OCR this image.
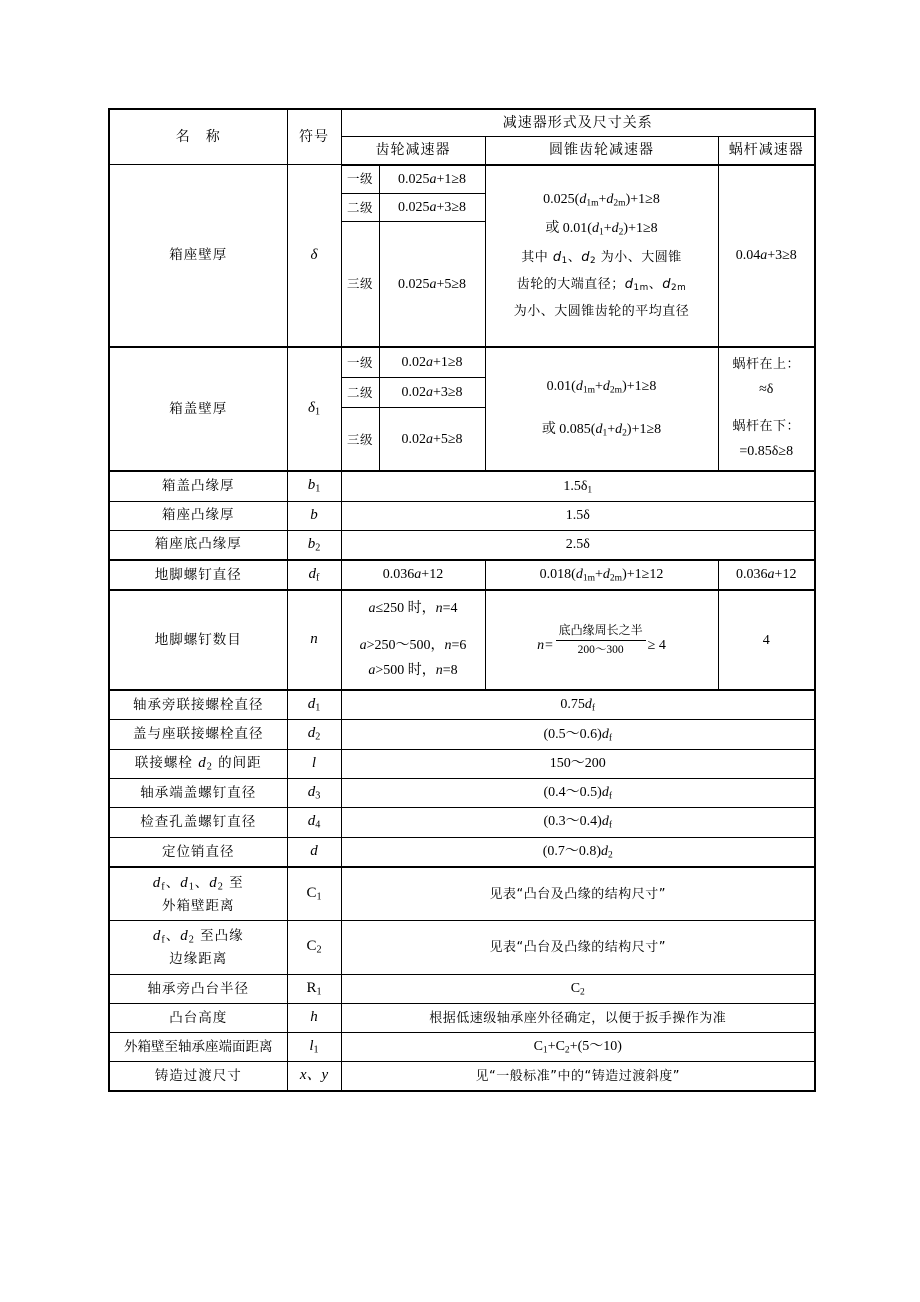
名　称	符号	减速器形式及尺寸关系			
		齿轮减速器		圆锥齿轮减速器	蜗杆减速器
箱座壁厚	δ	一级	0.025a+1≥8	$0.025(d_{1m}+d_{2m})+1\ge 8$
或 $0.01(d_1+d_2)+1\ge 8$
其中 $d_1$、$d_2$ 为小、大圆锥
齿轮的大端直径；$d_{1m}$、$d_{2m}$
为小、大圆锥齿轮的平均直径	0.04a+3≥8
		二级	0.025a+3≥8		
		三级	0.025a+5≥8		
箱盖壁厚	$\delta_1$	一级	0.02a+1≥8	$0.01(d_{1m}+d_{2m})+1\ge 8$
或 $0.085(d_1+d_2)+1\ge 8$	蜗杆在上：
≈δ
蜗杆在下：
=0.85δ≥8

		二级	0.02a+3≥8		
		三级	0.02a+5≥8		
箱盖凸缘厚	$b_1$	$1.5\delta_1$
箱座凸缘厚	b	1.5δ			
箱座底凸缘厚	$b_2$	2.5δ			
地脚螺钉直径	$d_f$	0.036a+12		$0.018(d_{1m}+d_{2m})+1\ge 12$	0.036a+12
地脚螺钉数目	n	a≤250 时，n=4
a>250～500，n=6
a>500 时，n=8		$n= \frac{\text{底凸缘周长之半}}{200\sim 300} \ge 4$	4
轴承旁联接螺栓直径	$d_1$	$0.75d_f$
盖与座联接螺栓直径	$d_2$	$(0.5\sim 0.6)d_f$
联接螺栓 $d_2$ 的间距	l	150～200			
轴承端盖螺钉直径	$d_3$	$(0.4\sim 0.5)d_f$
检查孔盖螺钉直径	$d_4$	$(0.3\sim 0.4)d_f$
定位销直径	d	$(0.7\sim 0.8)d_2$

$d_f$、$d_1$、$d_2$ 至
外箱壁距离	$C_1$	见表“凸台及凸缘的结构尺寸”			

$d_f$、$d_2$ 至凸缘
边缘距离	$C_2$	见表“凸台及凸缘的结构尺寸”			
轴承旁凸台半径	$R_1$	$C_2$
凸台高度	h	根据低速级轴承座外径确定，以便于扳手操作为准			
外箱壁至轴承座端面距离	$l_1$	$C_1+C_2+(5\sim 10)$			
铸造过渡尺寸	x、y	见“一般标准”中的“铸造过渡斜度”			
